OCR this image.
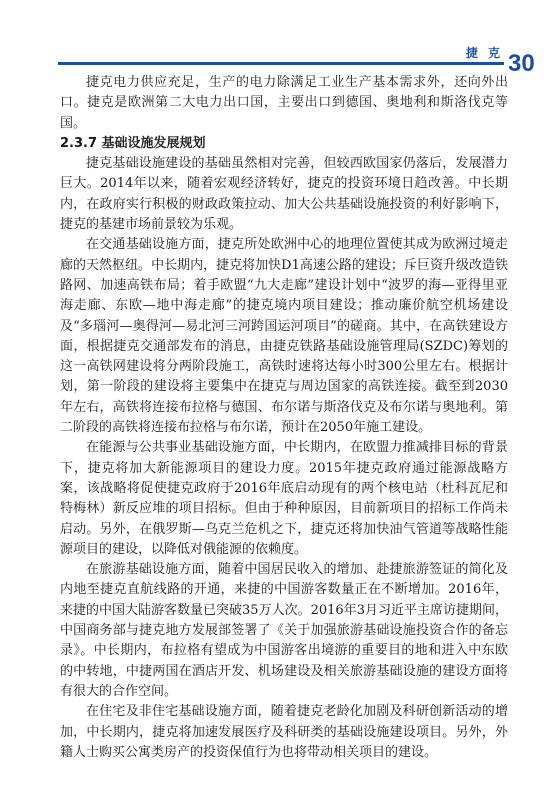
捷 克 30

捷克电力供应充足，生产的电力除满足工业生产基本需求外，还向外出口。捷克是欧洲第二大电力出口国，主要出口到德国、奥地利和斯洛伐克等国。

2.3.7 基础设施发展规划

捷克基础设施建设的基础虽然相对完善，但较西欧国家仍落后，发展潜力巨大。2014年以来，随着宏观经济转好，捷克的投资环境日趋改善。中长期内，在政府实行积极的财政政策拉动、加大公共基础设施投资的利好影响下，捷克的基建市场前景较为乐观。

在交通基础设施方面，捷克所处欧洲中心的地理位置使其成为欧洲过境走廊的天然枢纽。中长期内，捷克将加快D1高速公路的建设；斥巨资升级改造铁路网、加速高铁布局；着手欧盟“九大走廊”建设计划中“波罗的海—亚得里亚海走廊、东欧—地中海走廊”的捷克境内项目建设；推动廉价航空机场建设及“多瑙河—奥得河—易北河三河跨国运河项目”的磋商。其中，在高铁建设方面，根据捷克交通部发布的消息，由捷克铁路基础设施管理局(SZDC)筹划的这一高铁网建设将分两阶段施工，高铁时速将达每小时300公里左右。根据计划，第一阶段的建设将主要集中在捷克与周边国家的高铁连接。截至到2030年左右，高铁将连接布拉格与德国、布尔诺与斯洛伐克及布尔诺与奥地利。第二阶段的高铁将连接布拉格与布尔诺，预计在2050年施工建设。

在能源与公共事业基础设施方面，中长期内，在欧盟力推减排目标的背景下，捷克将加大新能源项目的建设力度。2015年捷克政府通过能源战略方案，该战略将促使捷克政府于2016年底启动现有的两个核电站（杜科瓦尼和特梅林）新反应堆的项目招标。但由于种种原因，目前新项目的招标工作尚未启动。另外，在俄罗斯—乌克兰危机之下，捷克还将加快油气管道等战略性能源项目的建设，以降低对俄能源的依赖度。

在旅游基础设施方面，随着中国居民收入的增加、赴捷旅游签证的简化及内地至捷克直航线路的开通，来捷的中国游客数量正在不断增加。2016年，来捷的中国大陆游客数量已突破35万人次。2016年3月习近平主席访捷期间，中国商务部与捷克地方发展部签署了《关于加强旅游基础设施投资合作的备忘录》。中长期内，布拉格有望成为中国游客出境游的重要目的地和进入中东欧的中转地，中捷两国在酒店开发、机场建设及相关旅游基础设施的建设方面将有很大的合作空间。

在住宅及非住宅基础设施方面，随着捷克老龄化加剧及科研创新活动的增加，中长期内，捷克将加速发展医疗及科研类的基础设施建设项目。另外，外籍人士购买公寓类房产的投资保值行为也将带动相关项目的建设。
